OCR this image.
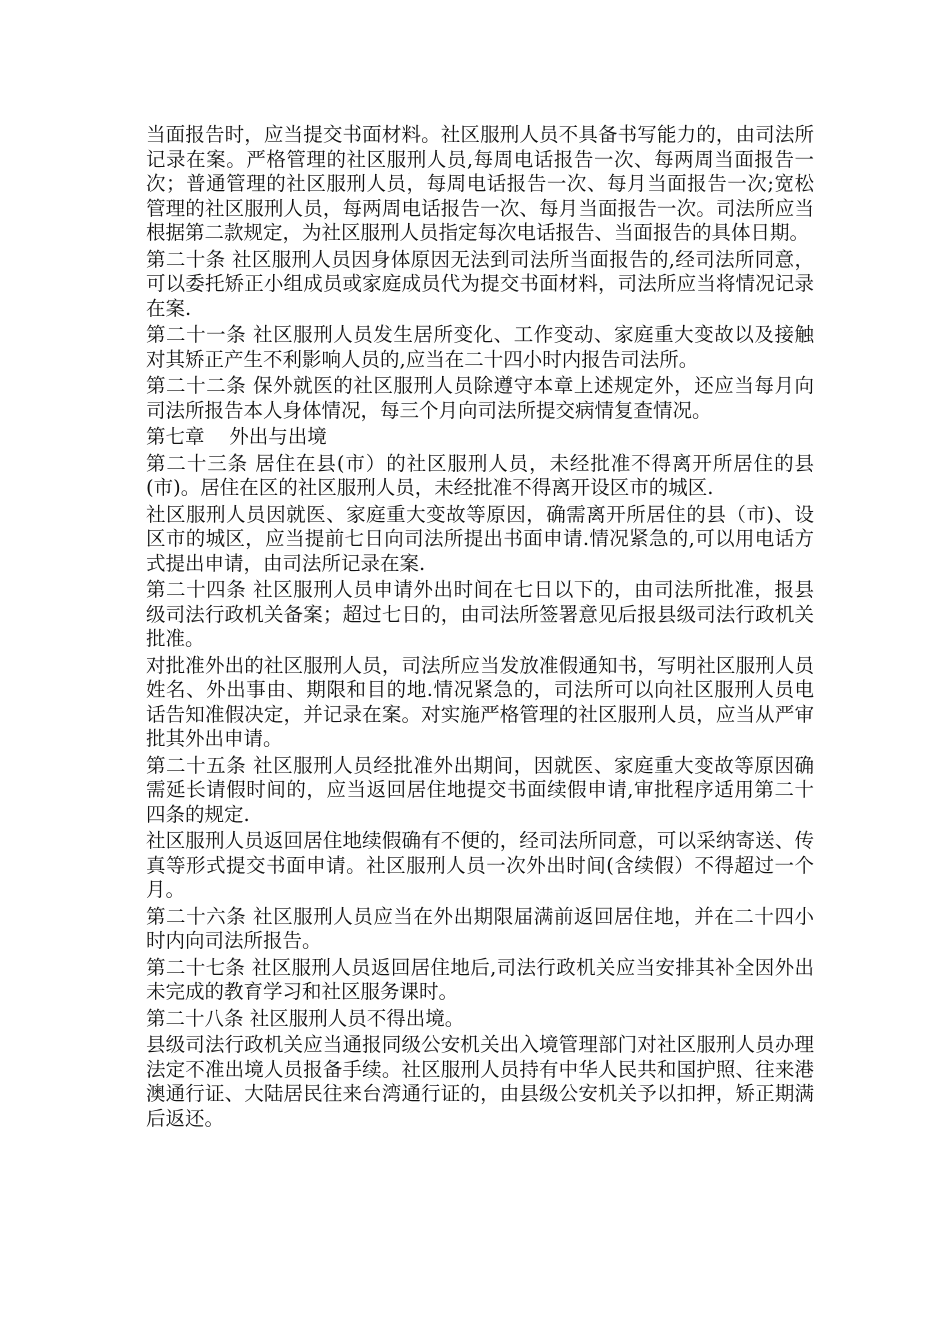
当面报告时，应当提交书面材料。社区服刑人员不具备书写能力的，由司法所记录在案。严格管理的社区服刑人员,每周电话报告一次、每两周当面报告一次；普通管理的社区服刑人员，每周电话报告一次、每月当面报告一次;宽松管理的社区服刑人员，每两周电话报告一次、每月当面报告一次。司法所应当根据第二款规定，为社区服刑人员指定每次电话报告、当面报告的具体日期。

第二十条 社区服刑人员因身体原因无法到司法所当面报告的,经司法所同意，可以委托矫正小组成员或家庭成员代为提交书面材料，司法所应当将情况记录在案.

第二十一条 社区服刑人员发生居所变化、工作变动、家庭重大变故以及接触对其矫正产生不利影响人员的,应当在二十四小时内报告司法所。

第二十二条 保外就医的社区服刑人员除遵守本章上述规定外，还应当每月向司法所报告本人身体情况，每三个月向司法所提交病情复查情况。

第七章    外出与出境

第二十三条 居住在县(市）的社区服刑人员，未经批准不得离开所居住的县(市)。居住在区的社区服刑人员，未经批准不得离开设区市的城区.

社区服刑人员因就医、家庭重大变故等原因，确需离开所居住的县（市)、设区市的城区，应当提前七日向司法所提出书面申请.情况紧急的,可以用电话方式提出申请，由司法所记录在案.

第二十四条 社区服刑人员申请外出时间在七日以下的，由司法所批准，报县级司法行政机关备案；超过七日的，由司法所签署意见后报县级司法行政机关批准。

对批准外出的社区服刑人员，司法所应当发放准假通知书，写明社区服刑人员姓名、外出事由、期限和目的地.情况紧急的，司法所可以向社区服刑人员电话告知准假决定，并记录在案。对实施严格管理的社区服刑人员，应当从严审批其外出申请。

第二十五条 社区服刑人员经批准外出期间，因就医、家庭重大变故等原因确需延长请假时间的，应当返回居住地提交书面续假申请,审批程序适用第二十四条的规定.

社区服刑人员返回居住地续假确有不便的，经司法所同意，可以采纳寄送、传真等形式提交书面申请。社区服刑人员一次外出时间(含续假）不得超过一个月。

第二十六条 社区服刑人员应当在外出期限届满前返回居住地，并在二十四小时内向司法所报告。

第二十七条 社区服刑人员返回居住地后,司法行政机关应当安排其补全因外出未完成的教育学习和社区服务课时。

第二十八条 社区服刑人员不得出境。

县级司法行政机关应当通报同级公安机关出入境管理部门对社区服刑人员办理法定不准出境人员报备手续。社区服刑人员持有中华人民共和国护照、往来港澳通行证、大陆居民往来台湾通行证的，由县级公安机关予以扣押，矫正期满后返还。
